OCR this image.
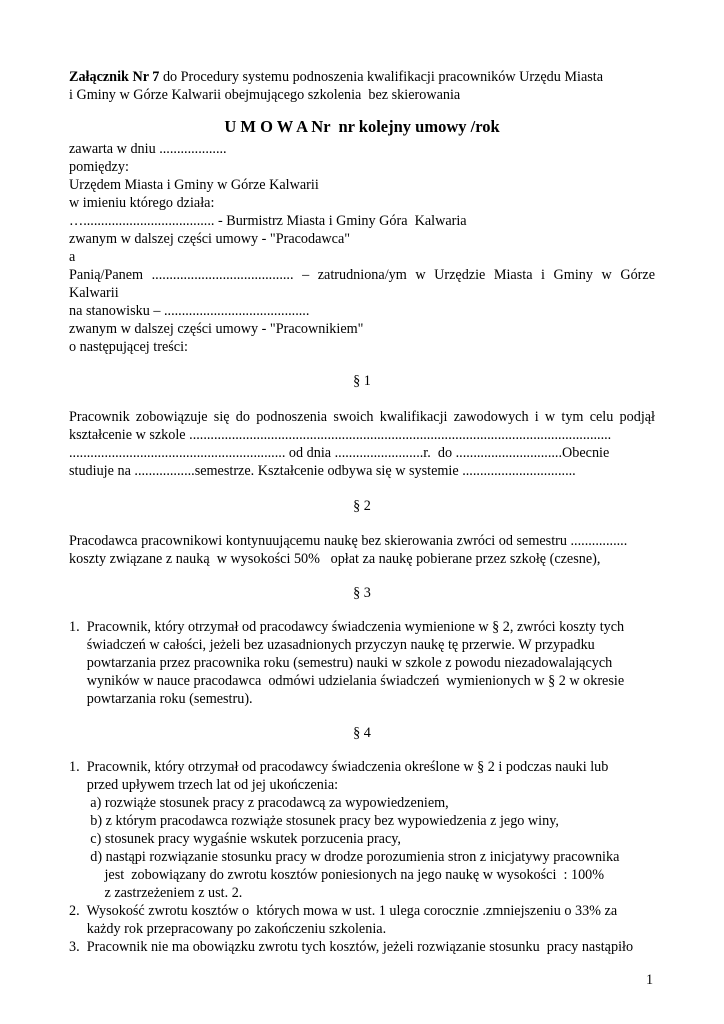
Załącznik Nr 7 do Procedury systemu podnoszenia kwalifikacji pracowników Urzędu Miasta
i Gminy w Górze Kalwarii obejmującego szkolenia  bez skierowania
U M O W A Nr  nr kolejny umowy /rok
zawarta w dniu ...................
pomiędzy:
Urzędem Miasta i Gminy w Górze Kalwarii
w imieniu którego działa:
…..................................... - Burmistrz Miasta i Gminy Góra  Kalwaria
zwanym w dalszej części umowy - "Pracodawca"
a
Panią/Panem ........................................ – zatrudniona/ym w Urzędzie Miasta i Gminy w Górze
Kalwarii
na stanowisku – .........................................
zwanym w dalszej części umowy - "Pracownikiem"
o następującej treści:
§ 1
Pracownik zobowiązuje się do podnoszenia swoich kwalifikacji zawodowych i w tym celu podjął
kształcenie w szkole .......................................................................................................................
............................................................. od dnia .........................r.  do ..............................Obecnie
studiuje na .................semestrze. Kształcenie odbywa się w systemie ................................
§ 2
Pracodawca pracownikowi kontynuującemu naukę bez skierowania zwróci od semestru ................
koszty związane z nauką  w wysokości 50%   opłat za naukę pobierane przez szkołę (czesne),
§ 3
1.  Pracownik, który otrzymał od pracodawcy świadczenia wymienione w § 2, zwróci koszty tych
świadczeń w całości, jeżeli bez uzasadnionych przyczyn naukę tę przerwie. W przypadku
powtarzania przez pracownika roku (semestru) nauki w szkole z powodu niezadowalających
wyników w nauce pracodawca  odmówi udzielania świadczeń  wymienionych w § 2 w okresie
powtarzania roku (semestru).
§ 4
1.  Pracownik, który otrzymał od pracodawcy świadczenia określone w § 2 i podczas nauki lub
przed upływem trzech lat od jej ukończenia:
a) rozwiąże stosunek pracy z pracodawcą za wypowiedzeniem,
b) z którym pracodawca rozwiąże stosunek pracy bez wypowiedzenia z jego winy,
c) stosunek pracy wygaśnie wskutek porzucenia pracy,
d) nastąpi rozwiązanie stosunku pracy w drodze porozumienia stron z inicjatywy pracownika
jest  zobowiązany do zwrotu kosztów poniesionych na jego naukę w wysokości  : 100%
z zastrzeżeniem z ust. 2.
2.  Wysokość zwrotu kosztów o  których mowa w ust. 1 ulega corocznie .zmniejszeniu o 33% za
każdy rok przepracowany po zakończeniu szkolenia.
3.  Pracownik nie ma obowiązku zwrotu tych kosztów, jeżeli rozwiązanie stosunku  pracy nastąpiło
1
